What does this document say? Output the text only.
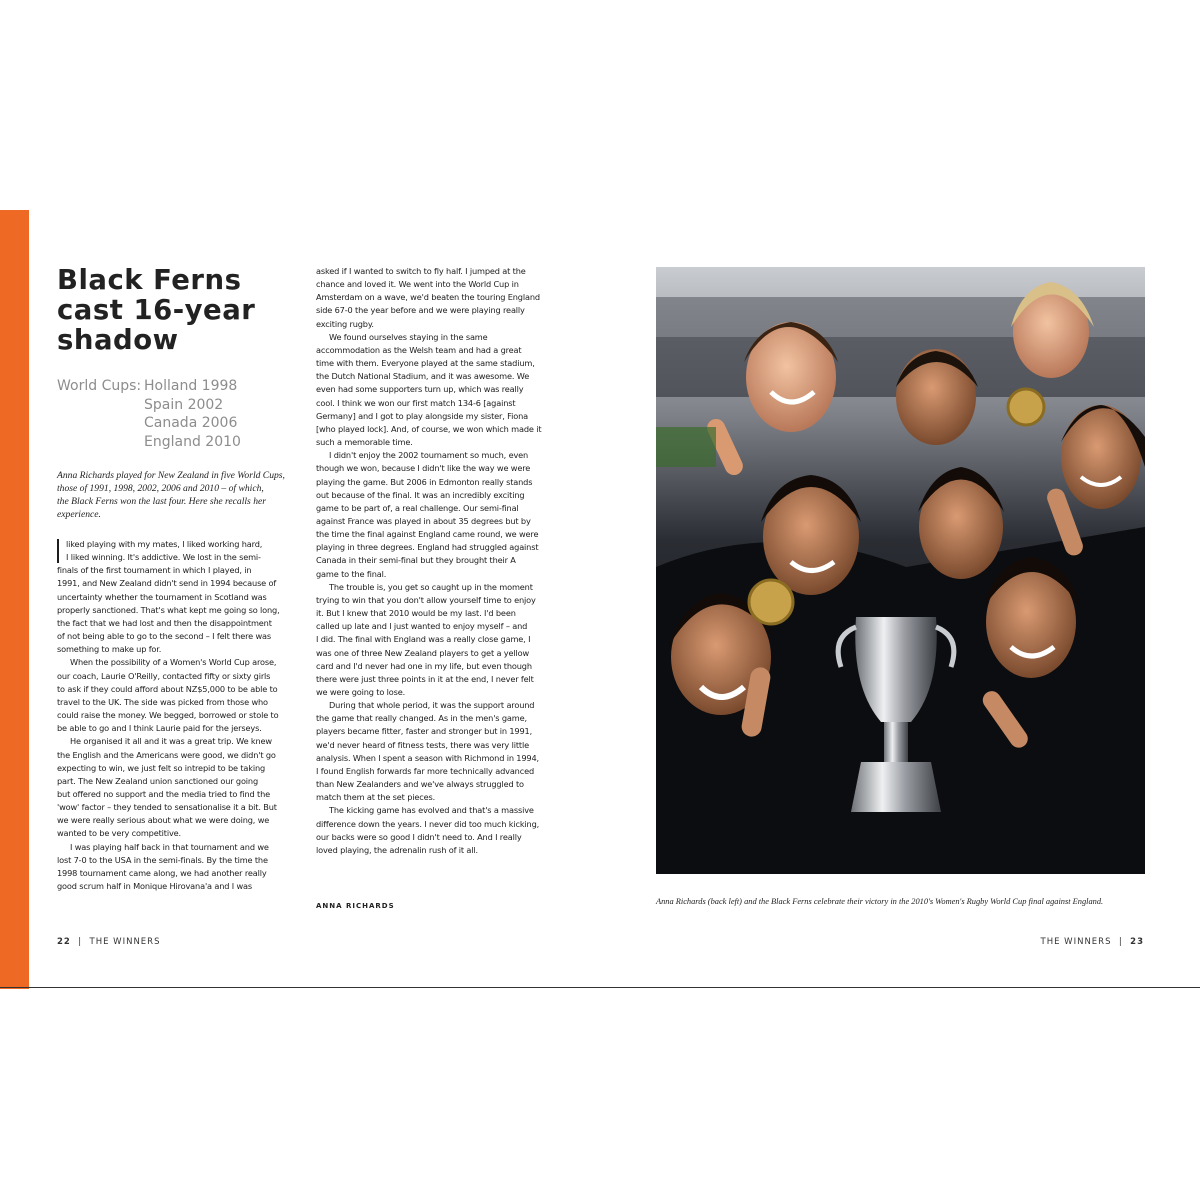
Black Ferns
cast 16-year
shadow
World Cups: Holland 1998
Spain 2002
Canada 2006
England 2010
Anna Richards played for New Zealand in five World Cups,
those of 1991, 1998, 2002, 2006 and 2010 – of which,
the Black Ferns won the last four. Here she recalls her
experience.
liked playing with my mates, I liked working hard,
I liked winning. It's addictive. We lost in the semi-
finals of the first tournament in which I played, in
1991, and New Zealand didn't send in 1994 because of
uncertainty whether the tournament in Scotland was
properly sanctioned. That's what kept me going so long,
the fact that we had lost and then the disappointment
of not being able to go to the second – I felt there was
something to make up for.
When the possibility of a Women's World Cup arose,
our coach, Laurie O'Reilly, contacted fifty or sixty girls
to ask if they could afford about NZ$5,000 to be able to
travel to the UK. The side was picked from those who
could raise the money. We begged, borrowed or stole to
be able to go and I think Laurie paid for the jerseys.
He organised it all and it was a great trip. We knew
the English and the Americans were good, we didn't go
expecting to win, we just felt so intrepid to be taking
part. The New Zealand union sanctioned our going
but offered no support and the media tried to find the
'wow' factor – they tended to sensationalise it a bit. But
we were really serious about what we were doing, we
wanted to be very competitive.
I was playing half back in that tournament and we
lost 7-0 to the USA in the semi-finals. By the time the
1998 tournament came along, we had another really
good scrum half in Monique Hirovana'a and I was
asked if I wanted to switch to fly half. I jumped at the
chance and loved it. We went into the World Cup in
Amsterdam on a wave, we'd beaten the touring England
side 67-0 the year before and we were playing really
exciting rugby.
We found ourselves staying in the same
accommodation as the Welsh team and had a great
time with them. Everyone played at the same stadium,
the Dutch National Stadium, and it was awesome. We
even had some supporters turn up, which was really
cool. I think we won our first match 134-6 [against
Germany] and I got to play alongside my sister, Fiona
[who played lock]. And, of course, we won which made it
such a memorable time.
I didn't enjoy the 2002 tournament so much, even
though we won, because I didn't like the way we were
playing the game. But 2006 in Edmonton really stands
out because of the final. It was an incredibly exciting
game to be part of, a real challenge. Our semi-final
against France was played in about 35 degrees but by
the time the final against England came round, we were
playing in three degrees. England had struggled against
Canada in their semi-final but they brought their A
game to the final.
The trouble is, you get so caught up in the moment
trying to win that you don't allow yourself time to enjoy
it. But I knew that 2010 would be my last. I'd been
called up late and I just wanted to enjoy myself – and
I did. The final with England was a really close game, I
was one of three New Zealand players to get a yellow
card and I'd never had one in my life, but even though
there were just three points in it at the end, I never felt
we were going to lose.
During that whole period, it was the support around
the game that really changed. As in the men's game,
players became fitter, faster and stronger but in 1991,
we'd never heard of fitness tests, there was very little
analysis. When I spent a season with Richmond in 1994,
I found English forwards far more technically advanced
than New Zealanders and we've always struggled to
match them at the set pieces.
The kicking game has evolved and that's a massive
difference down the years. I never did too much kicking,
our backs were so good I didn't need to. And I really
loved playing, the adrenalin rush of it all.
ANNA RICHARDS
22  |  THE WINNERS	THE WINNERS  |  23
Anna Richards (back left) and the Black Ferns celebrate their victory in the 2010's Women's Rugby World Cup final against England.
